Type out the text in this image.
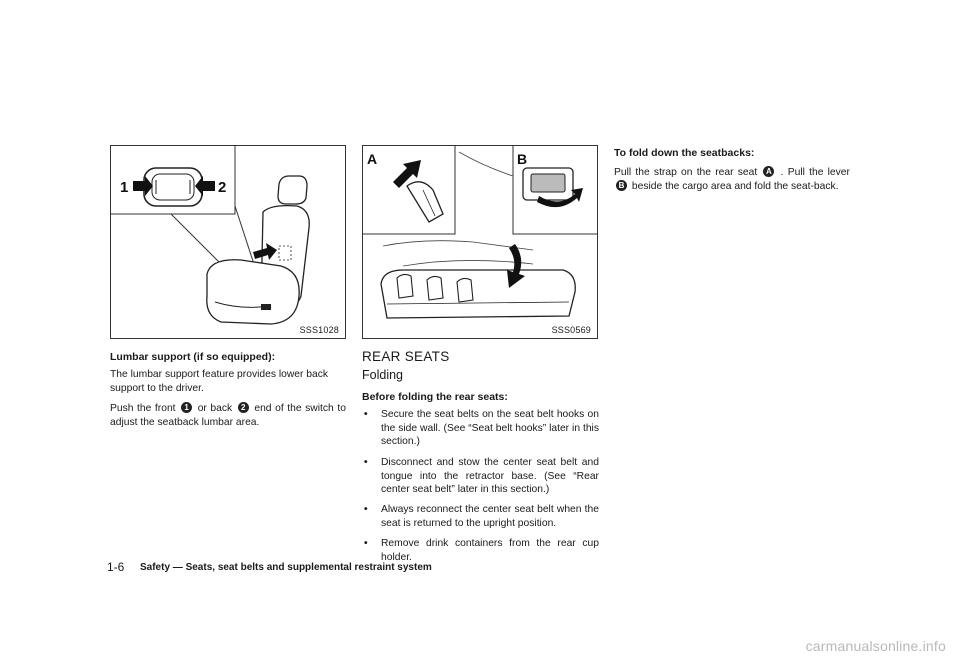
1	2
SSS1028
Lumbar support (if so equipped):
The lumbar support feature provides lower back support to the driver.
Push the front 1 or back 2 end of the switch to adjust the seatback lumbar area.
A	B
SSS0569
REAR SEATS
Folding
Before folding the rear seats:
• Secure the seat belts on the seat belt hooks on the side wall. (See “Seat belt hooks” later in this section.)
• Disconnect and stow the center seat belt and tongue into the retractor base. (See “Rear center seat belt” later in this section.)
• Always reconnect the center seat belt when the seat is returned to the upright position.
• Remove drink containers from the rear cup holder.
To fold down the seatbacks:
Pull the strap on the rear seat A . Pull the lever B beside the cargo area and fold the seat-back.
1-6 Safety — Seats, seat belts and supplemental restraint system
carmanualsonline.info
